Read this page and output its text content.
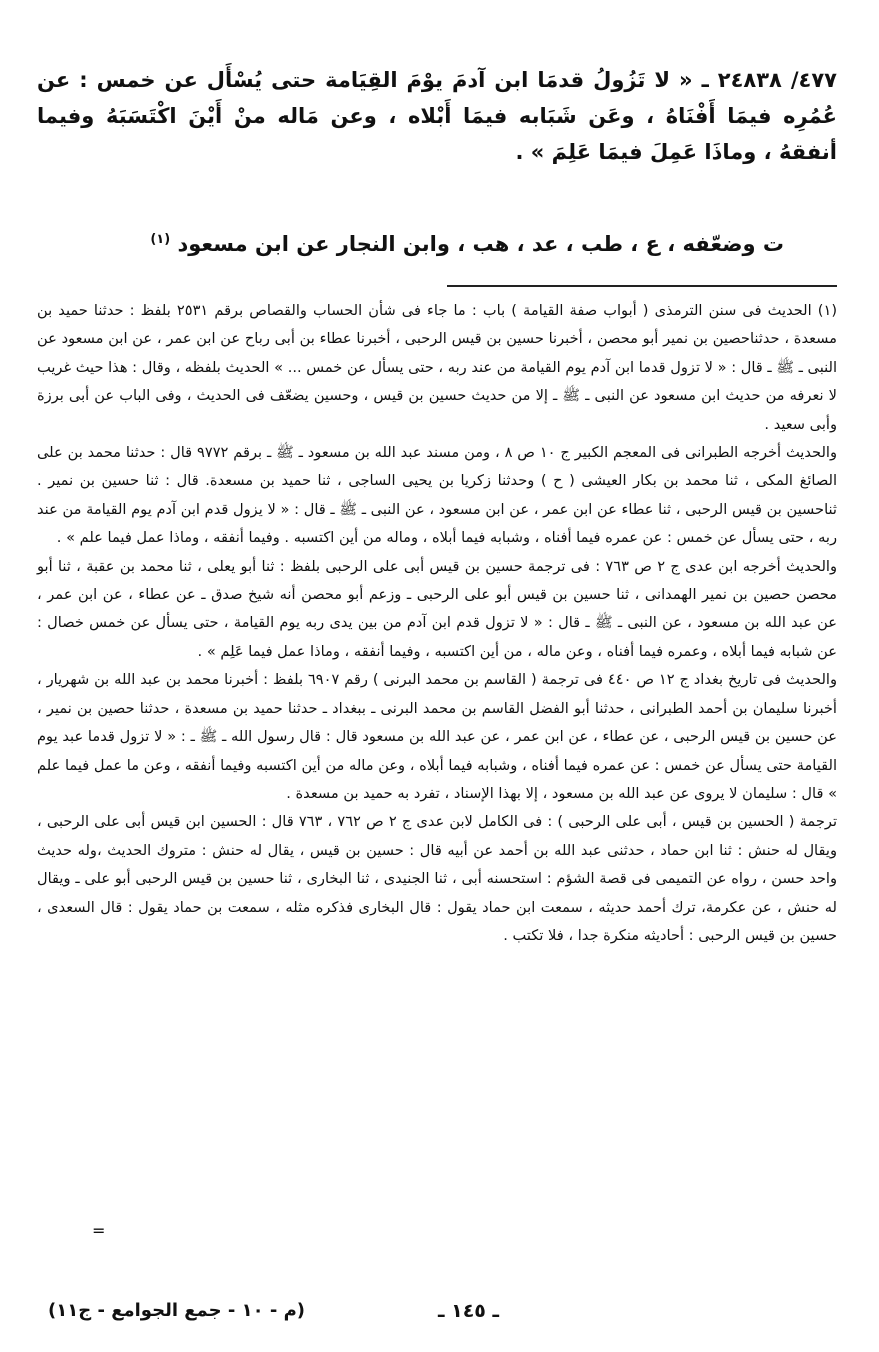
٤٧٧/ ٢٤٨٣٨ ـ « لا تَزُولُ قدمَا ابن آدمَ يوْمَ القِيَامة حتى يُسْأَل عن خمس : عن عُمُرِه فيمَا أَفْنَاهُ ، وعَن شَبَابه فيمَا أَبْلاه ، وعن مَاله منْ أَيْنَ اكْتَسَبَهُ وفيما أنفقهُ ، وماذَا عَمِلَ فيمَا عَلِمَ » .

ت وضعّفه ، ع ، طب ، عد ، هب ، وابن النجار عن ابن مسعود $^{(١)}$

(١) الحديث فى سنن الترمذى ( أبواب صفة القيامة ) باب : ما جاء فى شأن الحساب والقصاص برقم ٢٥٣١ بلفظ : حدثنا حميد بن مسعدة ، حدثناحصين بن نمير أبو محصن ، أخبرنا حسين بن قيس الرحبى ، أخبرنا عطاء بن أبى رباح عن ابن عمر ، عن ابن مسعود عن النبى ـ ﷺ ـ قال : « لا تزول قدما ابن آدم يوم القيامة من عند ربه ، حتى يسأل عن خمس ... » الحديث بلفظه ، وقال : هذا حيث غريب لا نعرفه من حديث ابن مسعود عن النبى ـ ﷺ ـ إلا من حديث حسين بن قيس ، وحسين يضعّف فى الحديث ، وفى الباب عن أبى برزة وأبى سعيد .

والحديث أخرجه الطبرانى فى المعجم الكبير ج ١٠ ص ٨ ، ومن مسند عبد الله بن مسعود ـ ﷺ ـ برقم ٩٧٧٢ قال : حدثنا محمد بن على الصائغ المكى ، ثنا محمد بن بكار العيشى ( ح ) وحدثنا زكريا بن يحيى الساجى ، ثنا حميد بن مسعدة. قال : ثنا حسين بن نمير . ثناحسين بن قيس الرحبى ، ثنا عطاء عن ابن عمر ، عن ابن مسعود ، عن النبى ـ ﷺ ـ قال : « لا يزول قدم ابن آدم يوم القيامة من عند ربه ، حتى يسأل عن خمس : عن عمره فيما أفناه ، وشبابه فيما أبلاه ، وماله من أين اكتسبه . وفيما أنفقه ، وماذا عمل فيما علم » .

والحديث أخرجه ابن عدى ج ٢ ص ٧٦٣ : فى ترجمة حسين بن قيس أبى على الرحبى بلفظ : ثنا أبو يعلى ، ثنا محمد بن عقبة ، ثنا أبو محصن حصين بن نمير الهمدانى ، ثنا حسين بن قيس أبو على الرحبى ـ وزعم أبو محصن أنه شيخ صدق ـ عن عطاء ، عن ابن عمر ، عن عبد الله بن مسعود ، عن النبى ـ ﷺ ـ قال : « لا تزول قدم ابن آدم من بين يدى ربه يوم القيامة ، حتى يسأل عن خمس خصال : عن شبابه فيما أبلاه ، وعمره فيما أفناه ، وعن ماله ، من أين اكتسبه ، وفيما أنفقه ، وماذا عمل فيما عَلِم » .

والحديث فى تاريخ بغداد ج ١٢ ص ٤٤٠ فى ترجمة ( القاسم بن محمد البرنى ) رقم ٦٩٠٧ بلفظ : أخبرنا محمد بن عبد الله بن شهريار ، أخبرنا سليمان بن أحمد الطبرانى ، حدثنا أبو الفضل القاسم بن محمد البرنى ـ ببغداد ـ حدثنا حميد بن مسعدة ، حدثنا حصين بن نمير ، عن حسين بن قيس الرحبى ، عن عطاء ، عن ابن عمر ، عن عبد الله بن مسعود قال : قال رسول الله ـ ﷺ ـ : « لا تزول قدما عبد يوم القيامة حتى يسأل عن خمس : عن عمره فيما أفناه ، وشبابه فيما أبلاه ، وعن ماله من أين اكتسبه وفيما أنفقه ، وعن ما عمل فيما علم » قال : سليمان لا يروى عن عبد الله بن مسعود ، إلا بهذا الإسناد ، تفرد به حميد بن مسعدة .

ترجمة ( الحسين بن قيس ، أبى على الرحبى ) : فى الكامل لابن عدى ج ٢ ص ٧٦٢ ، ٧٦٣ قال : الحسين ابن قيس أبى على الرحبى ، ويقال له حنش : ثنا ابن حماد ، حدثنى عبد الله بن أحمد عن أبيه قال : حسين بن قيس ، يقال له حنش : متروك الحديث ،وله حديث واحد حسن ، رواه عن التميمى فى قصة الشؤم : استحسنه أبى ، ثنا الجنيدى ، ثنا البخارى ، ثنا حسين بن قيس الرحبى أبو على ـ ويقال له حنش ، عن عكرمة، ترك أحمد حديثه ، سمعت ابن حماد يقول : قال البخارى فذكره مثله ، سمعت بن حماد يقول : قال السعدى ، حسين بن قيس الرحبى : أحاديثه منكرة جدا ، فلا تكتب .

=
ـ ١٤٥ ـ
(م - ١٠ - جمع الجوامع - ج١١)
